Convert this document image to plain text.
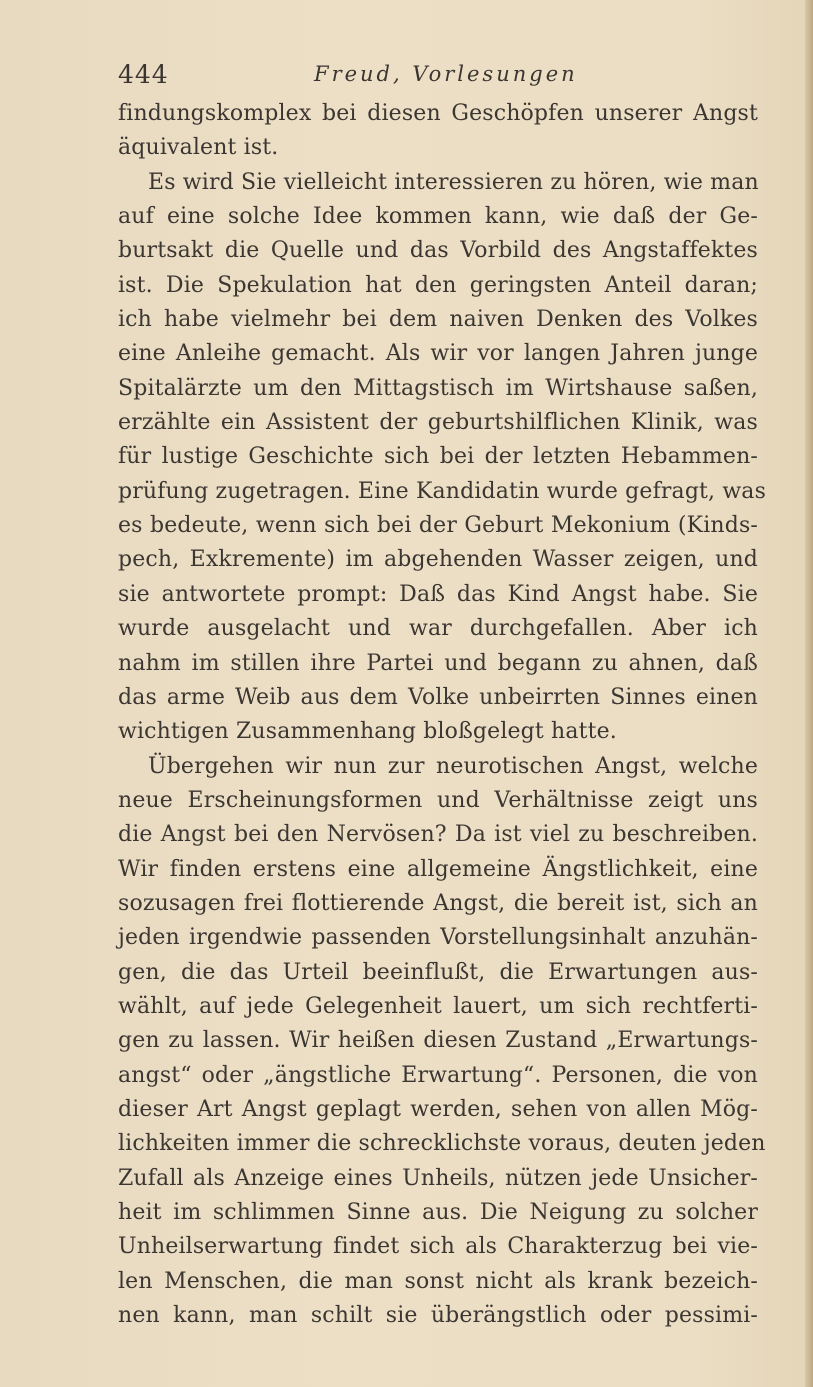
444	Freud, Vorlesungen
findungskomplex bei diesen Geschöpfen unserer Angst
äquivalent ist.
Es wird Sie vielleicht interessieren zu hören, wie man
auf eine solche Idee kommen kann, wie daß der Ge-
burtsakt die Quelle und das Vorbild des Angstaffektes
ist. Die Spekulation hat den geringsten Anteil daran;
ich habe vielmehr bei dem naiven Denken des Volkes
eine Anleihe gemacht. Als wir vor langen Jahren junge
Spitalärzte um den Mittagstisch im Wirtshause saßen,
erzählte ein Assistent der geburtshilflichen Klinik, was
für lustige Geschichte sich bei der letzten Hebammen-
prüfung zugetragen. Eine Kandidatin wurde gefragt, was
es bedeute, wenn sich bei der Geburt Mekonium (Kinds-
pech, Exkremente) im abgehenden Wasser zeigen, und
sie antwortete prompt: Daß das Kind Angst habe. Sie
wurde ausgelacht und war durchgefallen. Aber ich
nahm im stillen ihre Partei und begann zu ahnen, daß
das arme Weib aus dem Volke unbeirrten Sinnes einen
wichtigen Zusammenhang bloßgelegt hatte.
Übergehen wir nun zur neurotischen Angst, welche
neue Erscheinungsformen und Verhältnisse zeigt uns
die Angst bei den Nervösen? Da ist viel zu beschreiben.
Wir finden erstens eine allgemeine Ängstlichkeit, eine
sozusagen frei flottierende Angst, die bereit ist, sich an
jeden irgendwie passenden Vorstellungsinhalt anzuhän-
gen, die das Urteil beeinflußt, die Erwartungen aus-
wählt, auf jede Gelegenheit lauert, um sich rechtferti-
gen zu lassen. Wir heißen diesen Zustand „Erwartungs-
angst“ oder „ängstliche Erwartung“. Personen, die von
dieser Art Angst geplagt werden, sehen von allen Mög-
lichkeiten immer die schrecklichste voraus, deuten jeden
Zufall als Anzeige eines Unheils, nützen jede Unsicher-
heit im schlimmen Sinne aus. Die Neigung zu solcher
Unheilserwartung findet sich als Charakterzug bei vie-
len Menschen, die man sonst nicht als krank bezeich-
nen kann, man schilt sie überängstlich oder pessimi-
